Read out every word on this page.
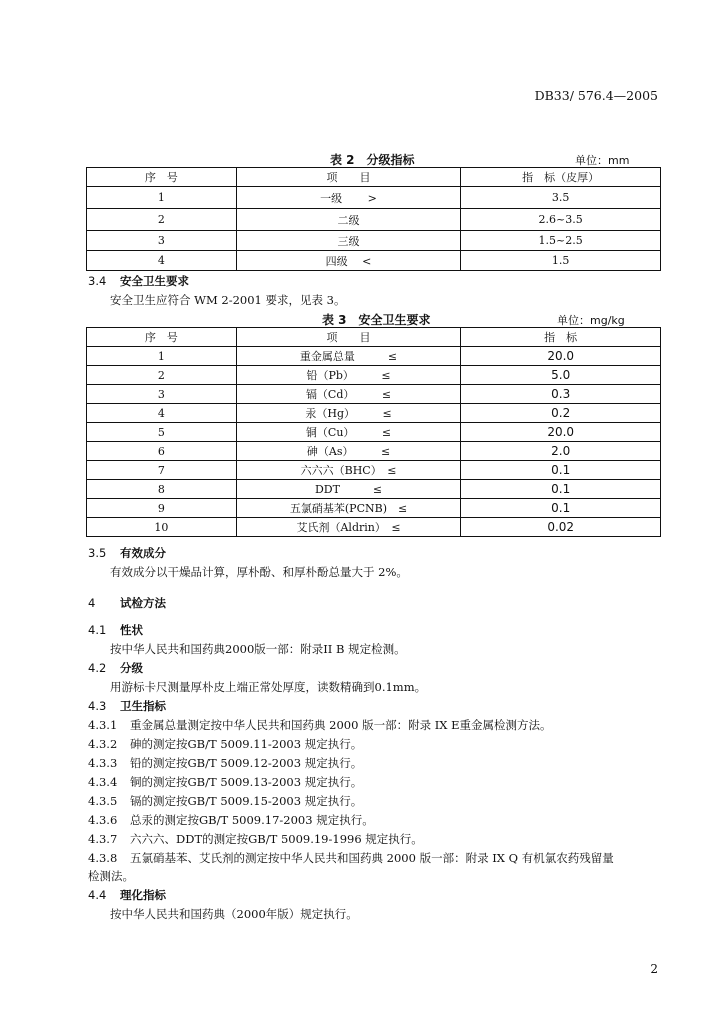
DB33/ 576.4—2005
表 2　分级指标	单位：mm
序　号	项　　目	指　标（皮厚）
1	一级　　 >	3.5
2	二级	2.6~3.5
3	三级	1.5~2.5
4	四级　 <	1.5
3.4 安全卫生要求
安全卫生应符合 WM 2-2001 要求，见表 3。
表 3　安全卫生要求	单位：mg/kg
序　号	项　　目	指　标
1	重金属总量　　　≤	20.0
2	铅（Pb）　　　≤	5.0
3	镉（Cd）　　　≤	0.3
4	汞（Hg）　　　≤	0.2
5	铜（Cu）　　　≤	20.0
6	砷（As）　　　≤	2.0
7	六六六（BHC）　≤	0.1
8	DDT　　　≤	0.1
9	五氯硝基苯(PCNB)　≤	0.1
10	艾氏剂（Aldrin）　≤	0.02
3.5 有效成分
有效成分以干燥品计算，厚朴酚、和厚朴酚总量大于 2%。
4 试检方法
4.1 性状
按中华人民共和国药典2000版一部：附录II B 规定检测。
4.2 分级
用游标卡尺测量厚朴皮上端正常处厚度，读数精确到0.1mm。
4.3 卫生指标
4.3.1 重金属总量测定按中华人民共和国药典 2000 版一部：附录 IX E重金属检测方法。
4.3.2 砷的测定按GB/T 5009.11-2003 规定执行。
4.3.3 铅的测定按GB/T 5009.12-2003 规定执行。
4.3.4 铜的测定按GB/T 5009.13-2003 规定执行。
4.3.5 镉的测定按GB/T 5009.15-2003 规定执行。
4.3.6 总汞的测定按GB/T 5009.17-2003 规定执行。
4.3.7 六六六、DDT的测定按GB/T 5009.19-1996 规定执行。
4.3.8 五氯硝基苯、艾氏剂的测定按中华人民共和国药典 2000 版一部：附录 IX Q 有机氯农药残留量
检测法。
4.4 理化指标
按中华人民共和国药典（2000年版）规定执行。
2
